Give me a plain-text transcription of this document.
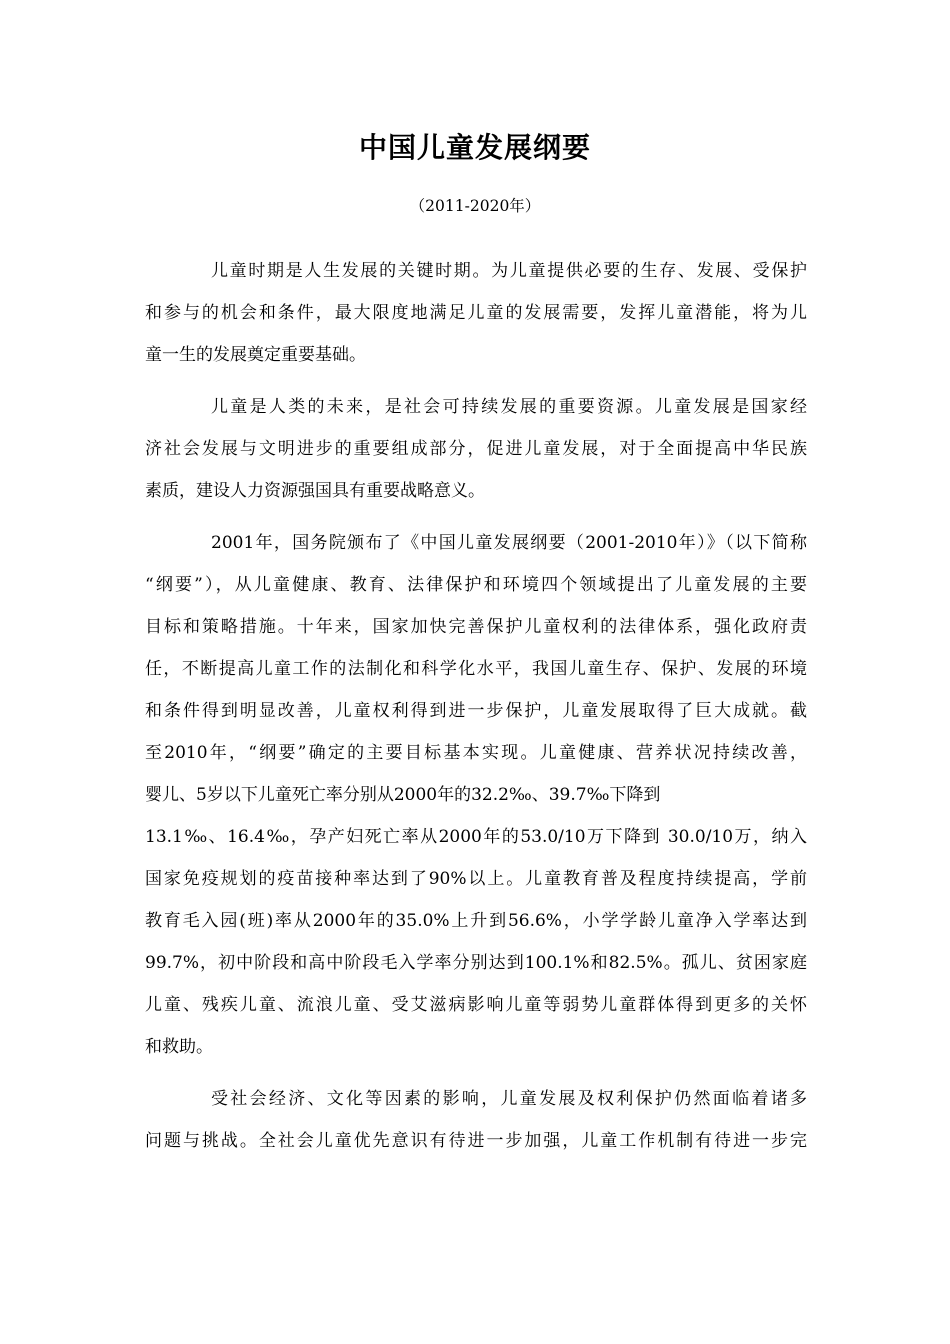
中国儿童发展纲要
（2011-2020年）
儿童时期是人生发展的关键时期。为儿童提供必要的生存、发展、受保护
和参与的机会和条件，最大限度地满足儿童的发展需要，发挥儿童潜能，将为儿
童一生的发展奠定重要基础。
儿童是人类的未来，是社会可持续发展的重要资源。儿童发展是国家经
济社会发展与文明进步的重要组成部分，促进儿童发展，对于全面提高中华民族
素质，建设人力资源强国具有重要战略意义。
2001年，国务院颁布了《中国儿童发展纲要（2001-2010年）》（以下简称
“纲要”），从儿童健康、教育、法律保护和环境四个领域提出了儿童发展的主要
目标和策略措施。十年来，国家加快完善保护儿童权利的法律体系，强化政府责
任，不断提高儿童工作的法制化和科学化水平，我国儿童生存、保护、发展的环境
和条件得到明显改善，儿童权利得到进一步保护，儿童发展取得了巨大成就。截
至2010年，“纲要”确定的主要目标基本实现。儿童健康、营养状况持续改善，
婴儿、5岁以下儿童死亡率分别从2000年的32.2‰、39.7‰下降到
13.1‰、16.4‰，孕产妇死亡率从2000年的53.0/10万下降到 30.0/10万，纳入
国家免疫规划的疫苗接种率达到了90%以上。儿童教育普及程度持续提高，学前
教育毛入园(班)率从2000年的35.0%上升到56.6%，小学学龄儿童净入学率达到
99.7%，初中阶段和高中阶段毛入学率分别达到100.1%和82.5%。孤儿、贫困家庭
儿童、残疾儿童、流浪儿童、受艾滋病影响儿童等弱势儿童群体得到更多的关怀
和救助。
受社会经济、文化等因素的影响，儿童发展及权利保护仍然面临着诸多
问题与挑战。全社会儿童优先意识有待进一步加强，儿童工作机制有待进一步完
